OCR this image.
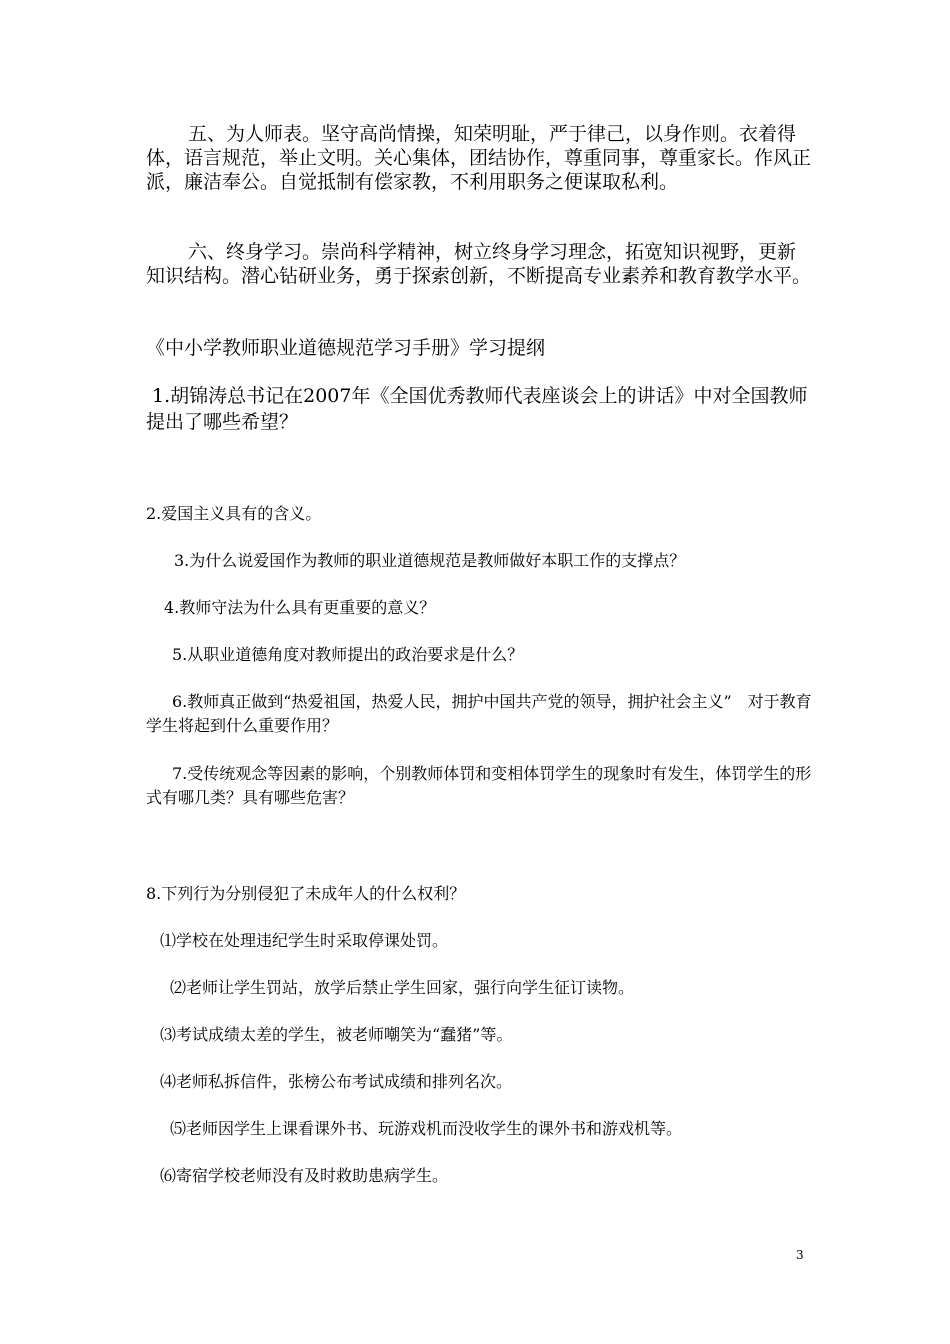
五、为人师表。坚守高尚情操，知荣明耻，严于律己，以身作则。衣着得体，语言规范，举止文明。关心集体，团结协作，尊重同事，尊重家长。作风正派，廉洁奉公。自觉抵制有偿家教，不利用职务之便谋取私利。

六、终身学习。崇尚科学精神，树立终身学习理念，拓宽知识视野，更新知识结构。潜心钻研业务，勇于探索创新，不断提高专业素养和教育教学水平。

《中小学教师职业道德规范学习手册》学习提纲

1.胡锦涛总书记在2007年《全国优秀教师代表座谈会上的讲话》中对全国教师提出了哪些希望？

2.爱国主义具有的含义。

3.为什么说爱国作为教师的职业道德规范是教师做好本职工作的支撑点？

4.教师守法为什么具有更重要的意义？

5.从职业道德角度对教师提出的政治要求是什么？

6.教师真正做到“热爱祖国，热爱人民，拥护中国共产党的领导，拥护社会主义”　对于教育学生将起到什么重要作用？

7.受传统观念等因素的影响，个别教师体罚和变相体罚学生的现象时有发生，体罚学生的形式有哪几类？具有哪些危害？

8.下列行为分别侵犯了未成年人的什么权利？

⑴学校在处理违纪学生时采取停课处罚。

⑵老师让学生罚站，放学后禁止学生回家，强行向学生征订读物。

⑶考试成绩太差的学生，被老师嘲笑为“蠢猪”等。

⑷老师私拆信件，张榜公布考试成绩和排列名次。

⑸老师因学生上课看课外书、玩游戏机而没收学生的课外书和游戏机等。

⑹寄宿学校老师没有及时救助患病学生。

3
